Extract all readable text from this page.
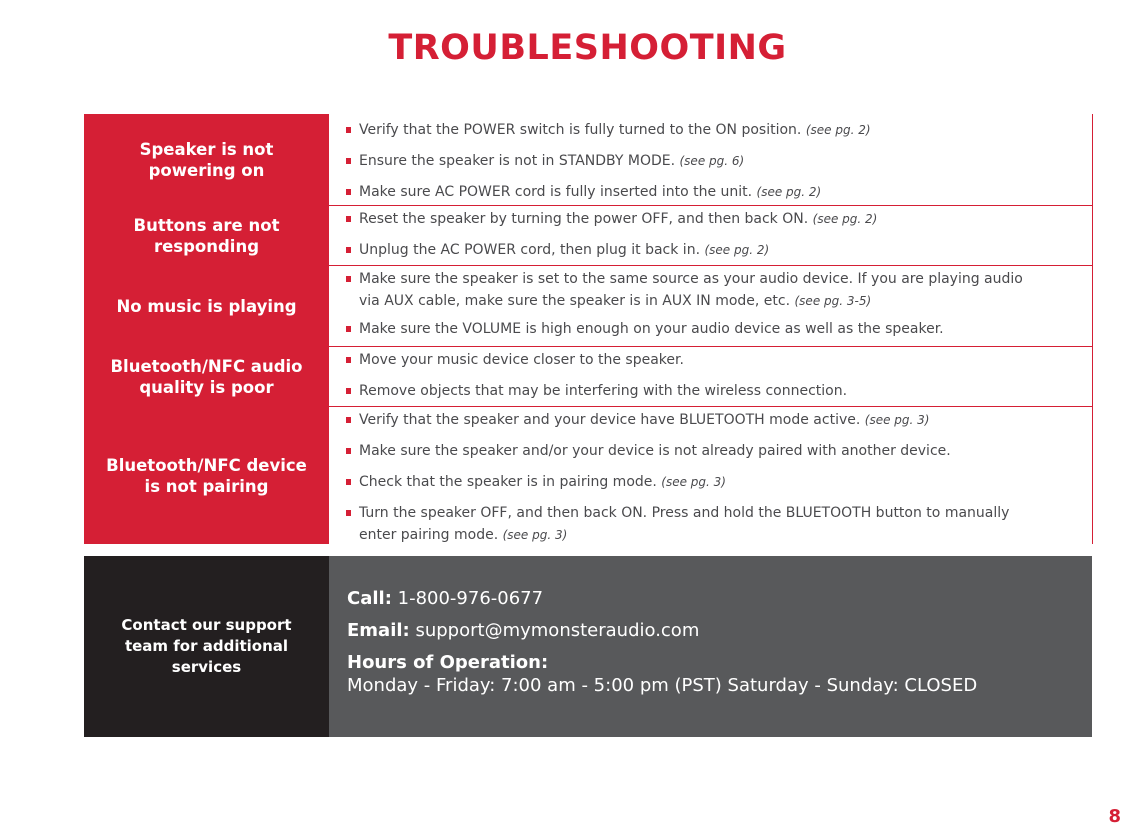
TROUBLESHOOTING
Speaker is not powering on
Verify that the POWER switch is fully turned to the ON position. (see pg. 2)
Ensure the speaker is not in STANDBY MODE. (see pg. 6)
Make sure AC POWER cord is fully inserted into the unit. (see pg. 2)
Buttons are not responding
Reset the speaker by turning the power OFF, and then back ON. (see pg. 2)
Unplug the AC POWER cord, then plug it back in. (see pg. 2)
No music is playing
Make sure the speaker is set to the same source as your audio device. If you are playing audio via AUX cable, make sure the speaker is in AUX IN mode, etc. (see pg. 3-5)
Make sure the VOLUME is high enough on your audio device as well as the speaker.
Bluetooth/NFC audio quality is poor
Move your music device closer to the speaker.
Remove objects that may be interfering with the wireless connection.
Bluetooth/NFC device is not pairing
Verify that the speaker and your device have BLUETOOTH mode active. (see pg. 3)
Make sure the speaker and/or your device is not already paired with another device.
Check that the speaker is in pairing mode. (see pg. 3)
Turn the speaker OFF, and then back ON. Press and hold the BLUETOOTH button to manually enter pairing mode. (see pg. 3)
Contact our support team for additional services
Call: 1-800-976-0677
Email: support@mymonsteraudio.com
Hours of Operation:
Monday - Friday: 7:00 am - 5:00 pm (PST) Saturday - Sunday: CLOSED
8
